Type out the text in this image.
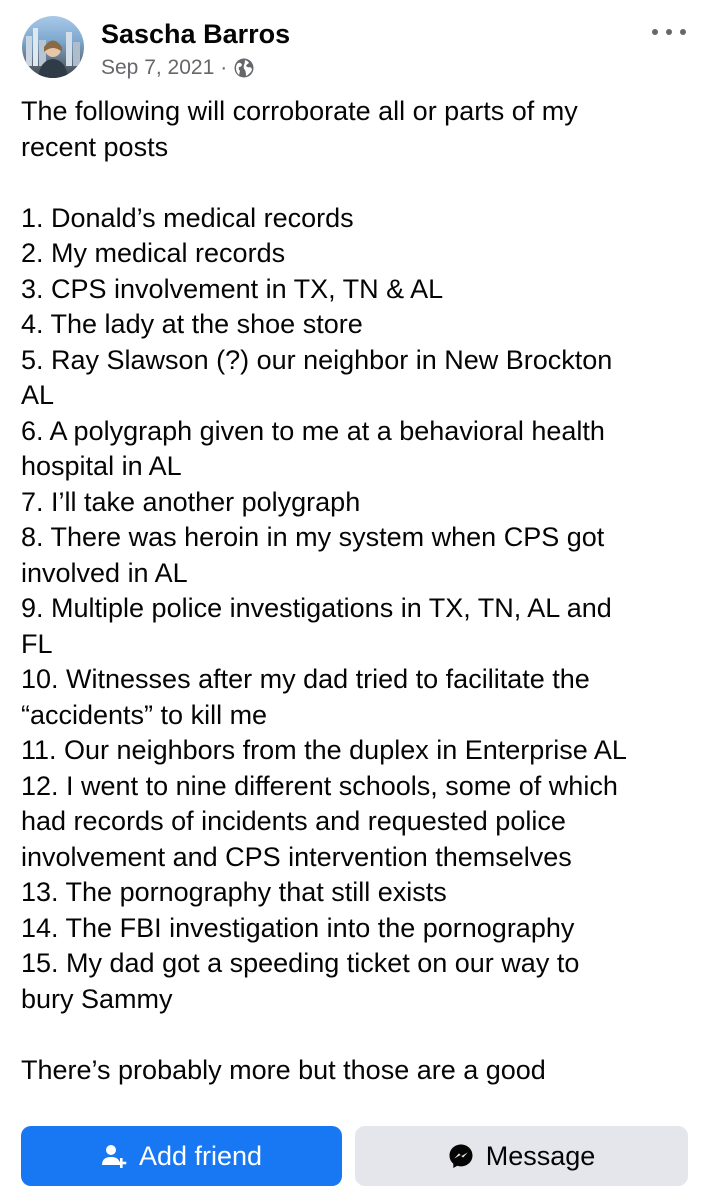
Sascha Barros
Sep 7, 2021 ·
The following will corroborate all or parts of my
recent posts
1. Donald’s medical records
2. My medical records
3. CPS involvement in TX, TN & AL
4. The lady at the shoe store
5. Ray Slawson (?) our neighbor in New Brockton
AL
6. A polygraph given to me at a behavioral health
hospital in AL
7. I’ll take another polygraph
8. There was heroin in my system when CPS got
involved in AL
9. Multiple police investigations in TX, TN, AL and
FL
10. Witnesses after my dad tried to facilitate the
“accidents” to kill me
11. Our neighbors from the duplex in Enterprise AL
12. I went to nine different schools, some of which
had records of incidents and requested police
involvement and CPS intervention themselves
13. The pornography that still exists
14. The FBI investigation into the pornography
15. My dad got a speeding ticket on our way to
bury Sammy
There’s probably more but those are a good
Add friend	Message
